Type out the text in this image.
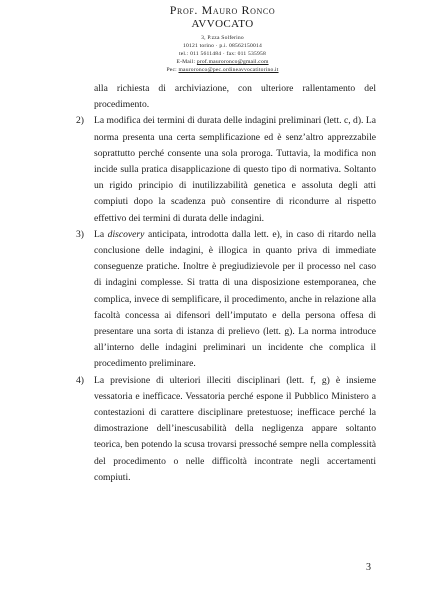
Prof. Mauro Ronco
AVVOCATO
3, P.zza Solferino
10121 torino · p.i. 08562150014
tel.: 011 5611484 · fax: 011 535958
E-Mail: prof.mauroronco@gmail.com
Pec: mauroronco@pec.ordineavvocatitorino.it

alla richiesta di archiviazione, con ulteriore rallentamento del procedimento.

2) La modifica dei termini di durata delle indagini preliminari (lett. c, d). La norma presenta una certa semplificazione ed è senz’altro apprezzabile soprattutto perché consente una sola proroga. Tuttavia, la modifica non incide sulla pratica disapplicazione di questo tipo di normativa. Soltanto un rigido principio di inutilizzabilità genetica e assoluta degli atti compiuti dopo la scadenza può consentire di ricondurre al rispetto effettivo dei termini di durata delle indagini.
3) La discovery anticipata, introdotta dalla lett. e), in caso di ritardo nella conclusione delle indagini, è illogica in quanto priva di immediate conseguenze pratiche. Inoltre è pregiudizievole per il processo nel caso di indagini complesse. Si tratta di una disposizione estemporanea, che complica, invece di semplificare, il procedimento, anche in relazione alla facoltà concessa ai difensori dell’imputato e della persona offesa di presentare una sorta di istanza di prelievo (lett. g). La norma introduce all’interno delle indagini preliminari un incidente che complica il procedimento preliminare.
4) La previsione di ulteriori illeciti disciplinari (lett. f, g) è insieme vessatoria e inefficace. Vessatoria perché espone il Pubblico Ministero a contestazioni di carattere disciplinare pretestuose; inefficace perché la dimostrazione dell’inescusabilità della negligenza appare soltanto teorica, ben potendo la scusa trovarsi pressoché sempre nella complessità del procedimento o nelle difficoltà incontrate negli accertamenti compiuti.
3
